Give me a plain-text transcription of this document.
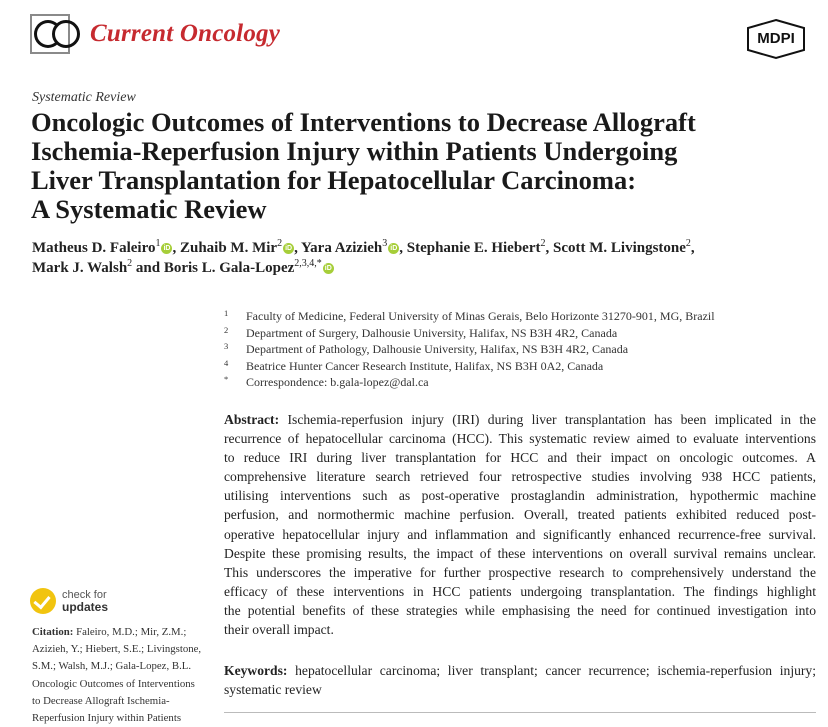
Current Oncology	MDPI
Systematic Review
Oncologic Outcomes of Interventions to Decrease Allograft
Ischemia-Reperfusion Injury within Patients Undergoing
Liver Transplantation for Hepatocellular Carcinoma:
A Systematic Review
Matheus D. Faleiro$^1$ iD , Zuhaib M. Mir$^2$ iD , Yara Azizieh$^3$ iD , Stephanie E. Hiebert$^2$, Scott M. Livingstone$^2$,
Mark J. Walsh$^2$ and Boris L. Gala-Lopez$^{2,3,4,*}$ iD
1 Faculty of Medicine, Federal University of Minas Gerais, Belo Horizonte 31270-901, MG, Brazil
2 Department of Surgery, Dalhousie University, Halifax, NS B3H 4R2, Canada
3 Department of Pathology, Dalhousie University, Halifax, NS B3H 4R2, Canada
4 Beatrice Hunter Cancer Research Institute, Halifax, NS B3H 0A2, Canada
* Correspondence: b.gala-lopez@dal.ca
Abstract: Ischemia-reperfusion injury (IRI) during liver transplantation has been implicated in the
recurrence of hepatocellular carcinoma (HCC). This systematic review aimed to evaluate interventions
to reduce IRI during liver transplantation for HCC and their impact on oncologic outcomes. A
comprehensive literature search retrieved four retrospective studies involving 938 HCC patients,
utilising interventions such as post-operative prostaglandin administration, hypothermic machine
perfusion, and normothermic machine perfusion. Overall, treated patients exhibited reduced post-
operative hepatocellular injury and inflammation and significantly enhanced recurrence-free survival.
Despite these promising results, the impact of these interventions on overall survival remains unclear.
This underscores the imperative for further prospective research to comprehensively understand the
efficacy of these interventions in HCC patients undergoing transplantation. The findings highlight
the potential benefits of these strategies while emphasising the need for continued investigation into
their overall impact.
Keywords: hepatocellular carcinoma; liver transplant; cancer recurrence; ischemia-reperfusion injury;
systematic review
check for
updates
Citation: Faleiro, M.D.; Mir, Z.M.;
Azizieh, Y.; Hiebert, S.E.; Livingstone,
S.M.; Walsh, M.J.; Gala-Lopez, B.L.
Oncologic Outcomes of Interventions
to Decrease Allograft Ischemia-
Reperfusion Injury within Patients
